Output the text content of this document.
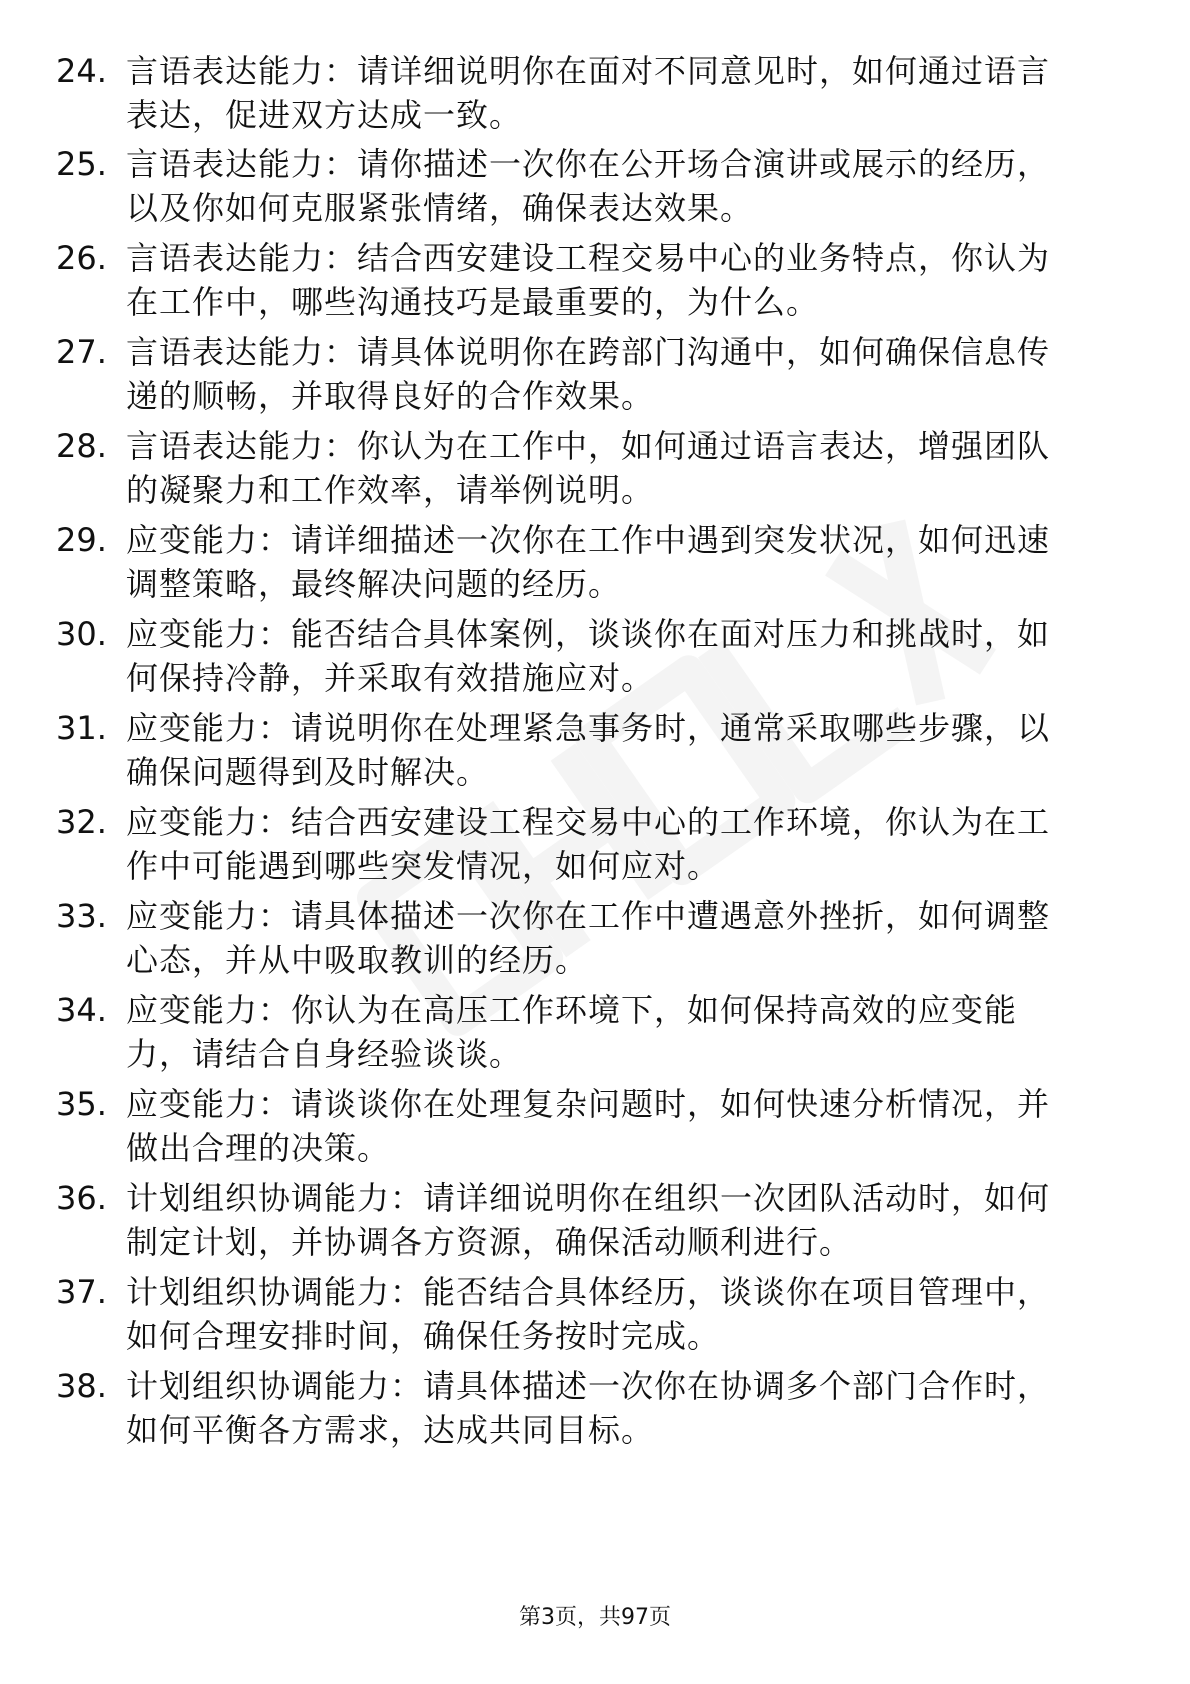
24. 言语表达能力：请详细说明你在面对不同意见时，如何通过语言
表达，促进双方达成一致。

25. 言语表达能力：请你描述一次你在公开场合演讲或展示的经历，
以及你如何克服紧张情绪，确保表达效果。

26. 言语表达能力：结合西安建设工程交易中心的业务特点，你认为
在工作中，哪些沟通技巧是最重要的，为什么。

27. 言语表达能力：请具体说明你在跨部门沟通中，如何确保信息传
递的顺畅，并取得良好的合作效果。

28. 言语表达能力：你认为在工作中，如何通过语言表达，增强团队
的凝聚力和工作效率，请举例说明。

29. 应变能力：请详细描述一次你在工作中遇到突发状况，如何迅速
调整策略，最终解决问题的经历。

30. 应变能力：能否结合具体案例，谈谈你在面对压力和挑战时，如
何保持冷静，并采取有效措施应对。

31. 应变能力：请说明你在处理紧急事务时，通常采取哪些步骤，以
确保问题得到及时解决。

32. 应变能力：结合西安建设工程交易中心的工作环境，你认为在工
作中可能遇到哪些突发情况，如何应对。

33. 应变能力：请具体描述一次你在工作中遭遇意外挫折，如何调整
心态，并从中吸取教训的经历。

34. 应变能力：你认为在高压工作环境下，如何保持高效的应变能
力，请结合自身经验谈谈。

35. 应变能力：请谈谈你在处理复杂问题时，如何快速分析情况，并
做出合理的决策。

36. 计划组织协调能力：请详细说明你在组织一次团队活动时，如何
制定计划，并协调各方资源，确保活动顺利进行。

37. 计划组织协调能力：能否结合具体经历，谈谈你在项目管理中，
如何合理安排时间，确保任务按时完成。

38. 计划组织协调能力：请具体描述一次你在协调多个部门合作时，
如何平衡各方需求，达成共同目标。

第3页，共97页
